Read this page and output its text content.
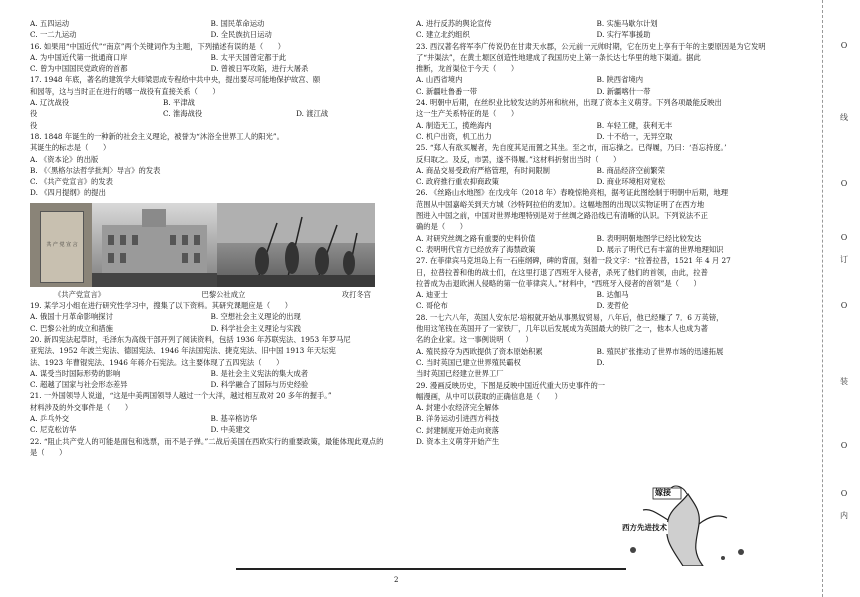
A. 五四运动	B. 国民革命运动
C. 一二九运动	D. 全民族抗日运动
16. 如果用“中国近代”“南京”两个关键词作为主题，下列描述有误的是（　　）
A. 为中国近代第一批通商口岸	B. 太平天国曾定都于此
C. 曾为中国国民党政府的首都	D. 曾被日军攻陷，进行大屠杀
17. 1948 年底，著名的建筑学大师梁思成专程给中共中央，提出要尽可能地保护故宫、颐
和园等，这与当时正在进行的哪一战役有直接关系（　　）
A. 辽沈战役	B. 平津战
役	C. 淮海战役	D. 渡江战
役
18. 1848 年诞生的一种新的社会主义理论，被誉为“沐浴全世界工人的阳光”。
其诞生的标志是（　　）
A. 《资本论》的出版
B. 《〈黑格尔法哲学批判〉导言》的发表
C. 《共产党宣言》的发表
D. 《四月提纲》的提出
共 产 党 宣 言
《共产党宣言》	巴黎公社成立	攻打冬宫
19. 某学习小组在进行研究性学习中，搜集了以下资料。其研究课题应是（　　）
A. 俄国十月革命影响探讨	B. 空想社会主义理论的出现
C. 巴黎公社的成立和措施	D. 科学社会主义理论与实践
20. 新四宪法起草时，毛泽东为高级干部开列了阅读资料，包括 1936 年苏联宪法、1953 年罗马尼
亚宪法、1952 年波兰宪法、德国宪法、1946 年法国宪法、捷克宪法、旧中国 1913 年天坛宪
法、1923 年曹锟宪法、1946 年蒋介石宪法。这主要体现了五四宪法（　　）
A. 谋受当时国际形势的影响	B. 是社会主义宪法的集大成者
C. 超越了国家与社会形态差异	D. 科学融合了国际与历史经验
21. 一外国领导人说道，“这是中美两国领导人越过一个大洋，越过相互敌对 20 多年的握手。”
材料涉及的外交事件是（　　）
A. 乒乓外交	B. 基辛格访华
C. 尼克松访华	D. 中美建交
22. “阻止共产党人的可能是面包和选票，而不是子弹。”二战后美国在西欧实行的重要政策，最能体现此观点的是（　　）
A. 进行反苏的舆论宣传	B. 实施马歇尔计划
C. 建立北约组织	D. 实行军事援助
23. 西汉著名将军李广传说仍在甘肃天水郡，公元前一元帅时期，它在历史上享有于年的主要原因是为它发明
了“井渠法”，在黄土塬区创造性地建成了我国历史上第一条长达七华里的地下渠道。据此
推断，龙首渠位于今天（　　）
A. 山西省境内	B. 陕西省境内
C. 新疆吐鲁番一带	D. 新疆喀什一带
24. 明朝中后期，在丝织业比较发达的苏州和杭州，出现了资本主义萌芽。下列各项最能反映出
这一生产关系特征的是（　　）
A. 制造无工，揽绝海内	B. 车轻工健，获利无丰
C. 机户出资，机工出力	D. 十不给一，无异空取
25. “郑人有欲买履者，先自度其足而置之其坐。至之市，而忘操之。已得履，乃曰：‘吾忘持度。’
反归取之。及反，市罢，遂不得履。”这材料折射出当时（　　）
A. 商品交易受政府严格管理，有时间限制	B. 商品经济空前繁荣
C. 政府推行重农抑商政策	D. 商业环境相对宽松
26. 《丝路山水地图》在戊戌年（2018 年）春晚惊艳亮相，据考证此图绘制于明朝中后期，地理
范围从中国嘉峪关到天方城（沙特阿拉伯的麦加）。这幅地图的出现以实物证明了在西方地
图进入中国之前，中国对世界地理特别是对于丝绸之路沿线已有清晰的认识。下列说法不正
确的是（　　）
A. 对研究丝绸之路有重要的史料价值	B. 表明明朝地图学已经比较发达
C. 表明明代官方已经放弃了海禁政策	D. 展示了明代已有丰富的世界地理知识
27. 在菲律宾马克坦岛上有一石座纲碑，碑的背面，刻着一段文字：“拉普拉普，1521 年 4 月 27
日，拉普拉普和他的战士们，在这里打退了西班牙入侵者，杀死了他们的首领，由此，拉普
拉普成为击退欧洲人侵略的第一位菲律宾人。”材料中，“西班牙入侵者的首领”是（　　）
A. 迪亚士	B. 达伽马
C. 哥伦布	D. 麦哲伦
28. 一七六八年，英国人安东尼·培根就开始从事黑奴贸易，八年后，他已经赚了 7．6 万英镑，
他用这笔钱在英国开了一家铁厂，几年以后发展成为英国最大的铁厂之一，他本人也成为著
名的企业家。这一事例说明（　　）
A. 殖民掠夺为西欧提供了资本原始积累	B. 殖民扩张推动了世界市场的迅速拓展
C. 当时英国已建立世界殖民霸权	D.
当时英国已经建立世界工厂
29. 漫画反映历史，下图是反映中国近代重大历史事件的一
幅漫画，从中可以获取的正确信息是（　　）
A. 封建小农经济完全解体
B. 洋务运动引进西方科技
C. 封建制度开始走向衰落
D. 资本主义萌芽开始产生
嫁接
西方先进技术
2
O
线
O
O
订
O
装
O
O
内
